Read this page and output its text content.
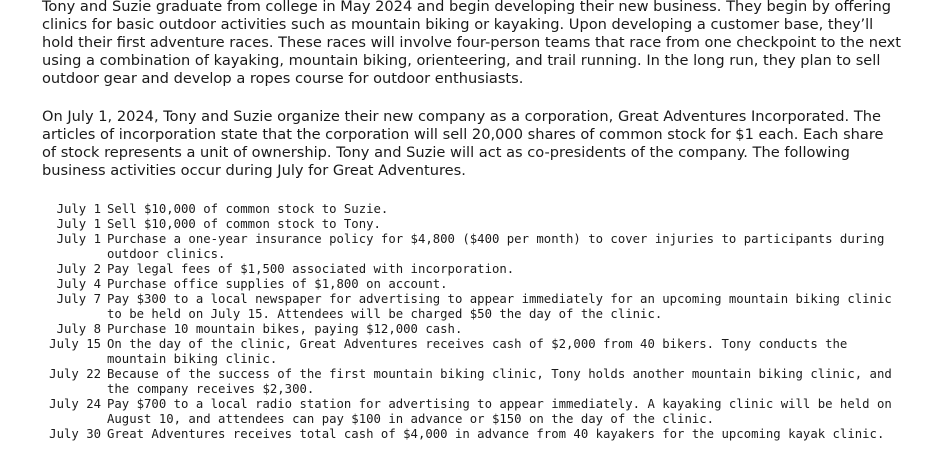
Tony and Suzie graduate from college in May 2024 and begin developing their new business. They begin by offering clinics for basic outdoor activities such as mountain biking or kayaking. Upon developing a customer base, they’ll hold their first adventure races. These races will involve four-person teams that race from one checkpoint to the next using a combination of kayaking, mountain biking, orienteering, and trail running. In the long run, they plan to sell outdoor gear and develop a ropes course for outdoor enthusiasts.

On July 1, 2024, Tony and Suzie organize their new company as a corporation, Great Adventures Incorporated. The articles of incorporation state that the corporation will sell 20,000 shares of common stock for $1 each. Each share of stock represents a unit of ownership. Tony and Suzie will act as co-presidents of the company. The following business activities occur during July for Great Adventures.

July 1 Sell $10,000 of common stock to Suzie.
July 1 Sell $10,000 of common stock to Tony.
July 1 Purchase a one-year insurance policy for $4,800 ($400 per month) to cover injuries to participants during outdoor clinics.
July 2 Pay legal fees of $1,500 associated with incorporation.
July 4 Purchase office supplies of $1,800 on account.
July 7 Pay $300 to a local newspaper for advertising to appear immediately for an upcoming mountain biking clinic to be held on July 15. Attendees will be charged $50 the day of the clinic.
July 8 Purchase 10 mountain bikes, paying $12,000 cash.
July 15 On the day of the clinic, Great Adventures receives cash of $2,000 from 40 bikers. Tony conducts the mountain biking clinic.
July 22 Because of the success of the first mountain biking clinic, Tony holds another mountain biking clinic, and the company receives $2,300.
July 24 Pay $700 to a local radio station for advertising to appear immediately. A kayaking clinic will be held on August 10, and attendees can pay $100 in advance or $150 on the day of the clinic.
July 30 Great Adventures receives total cash of $4,000 in advance from 40 kayakers for the upcoming kayak clinic.
